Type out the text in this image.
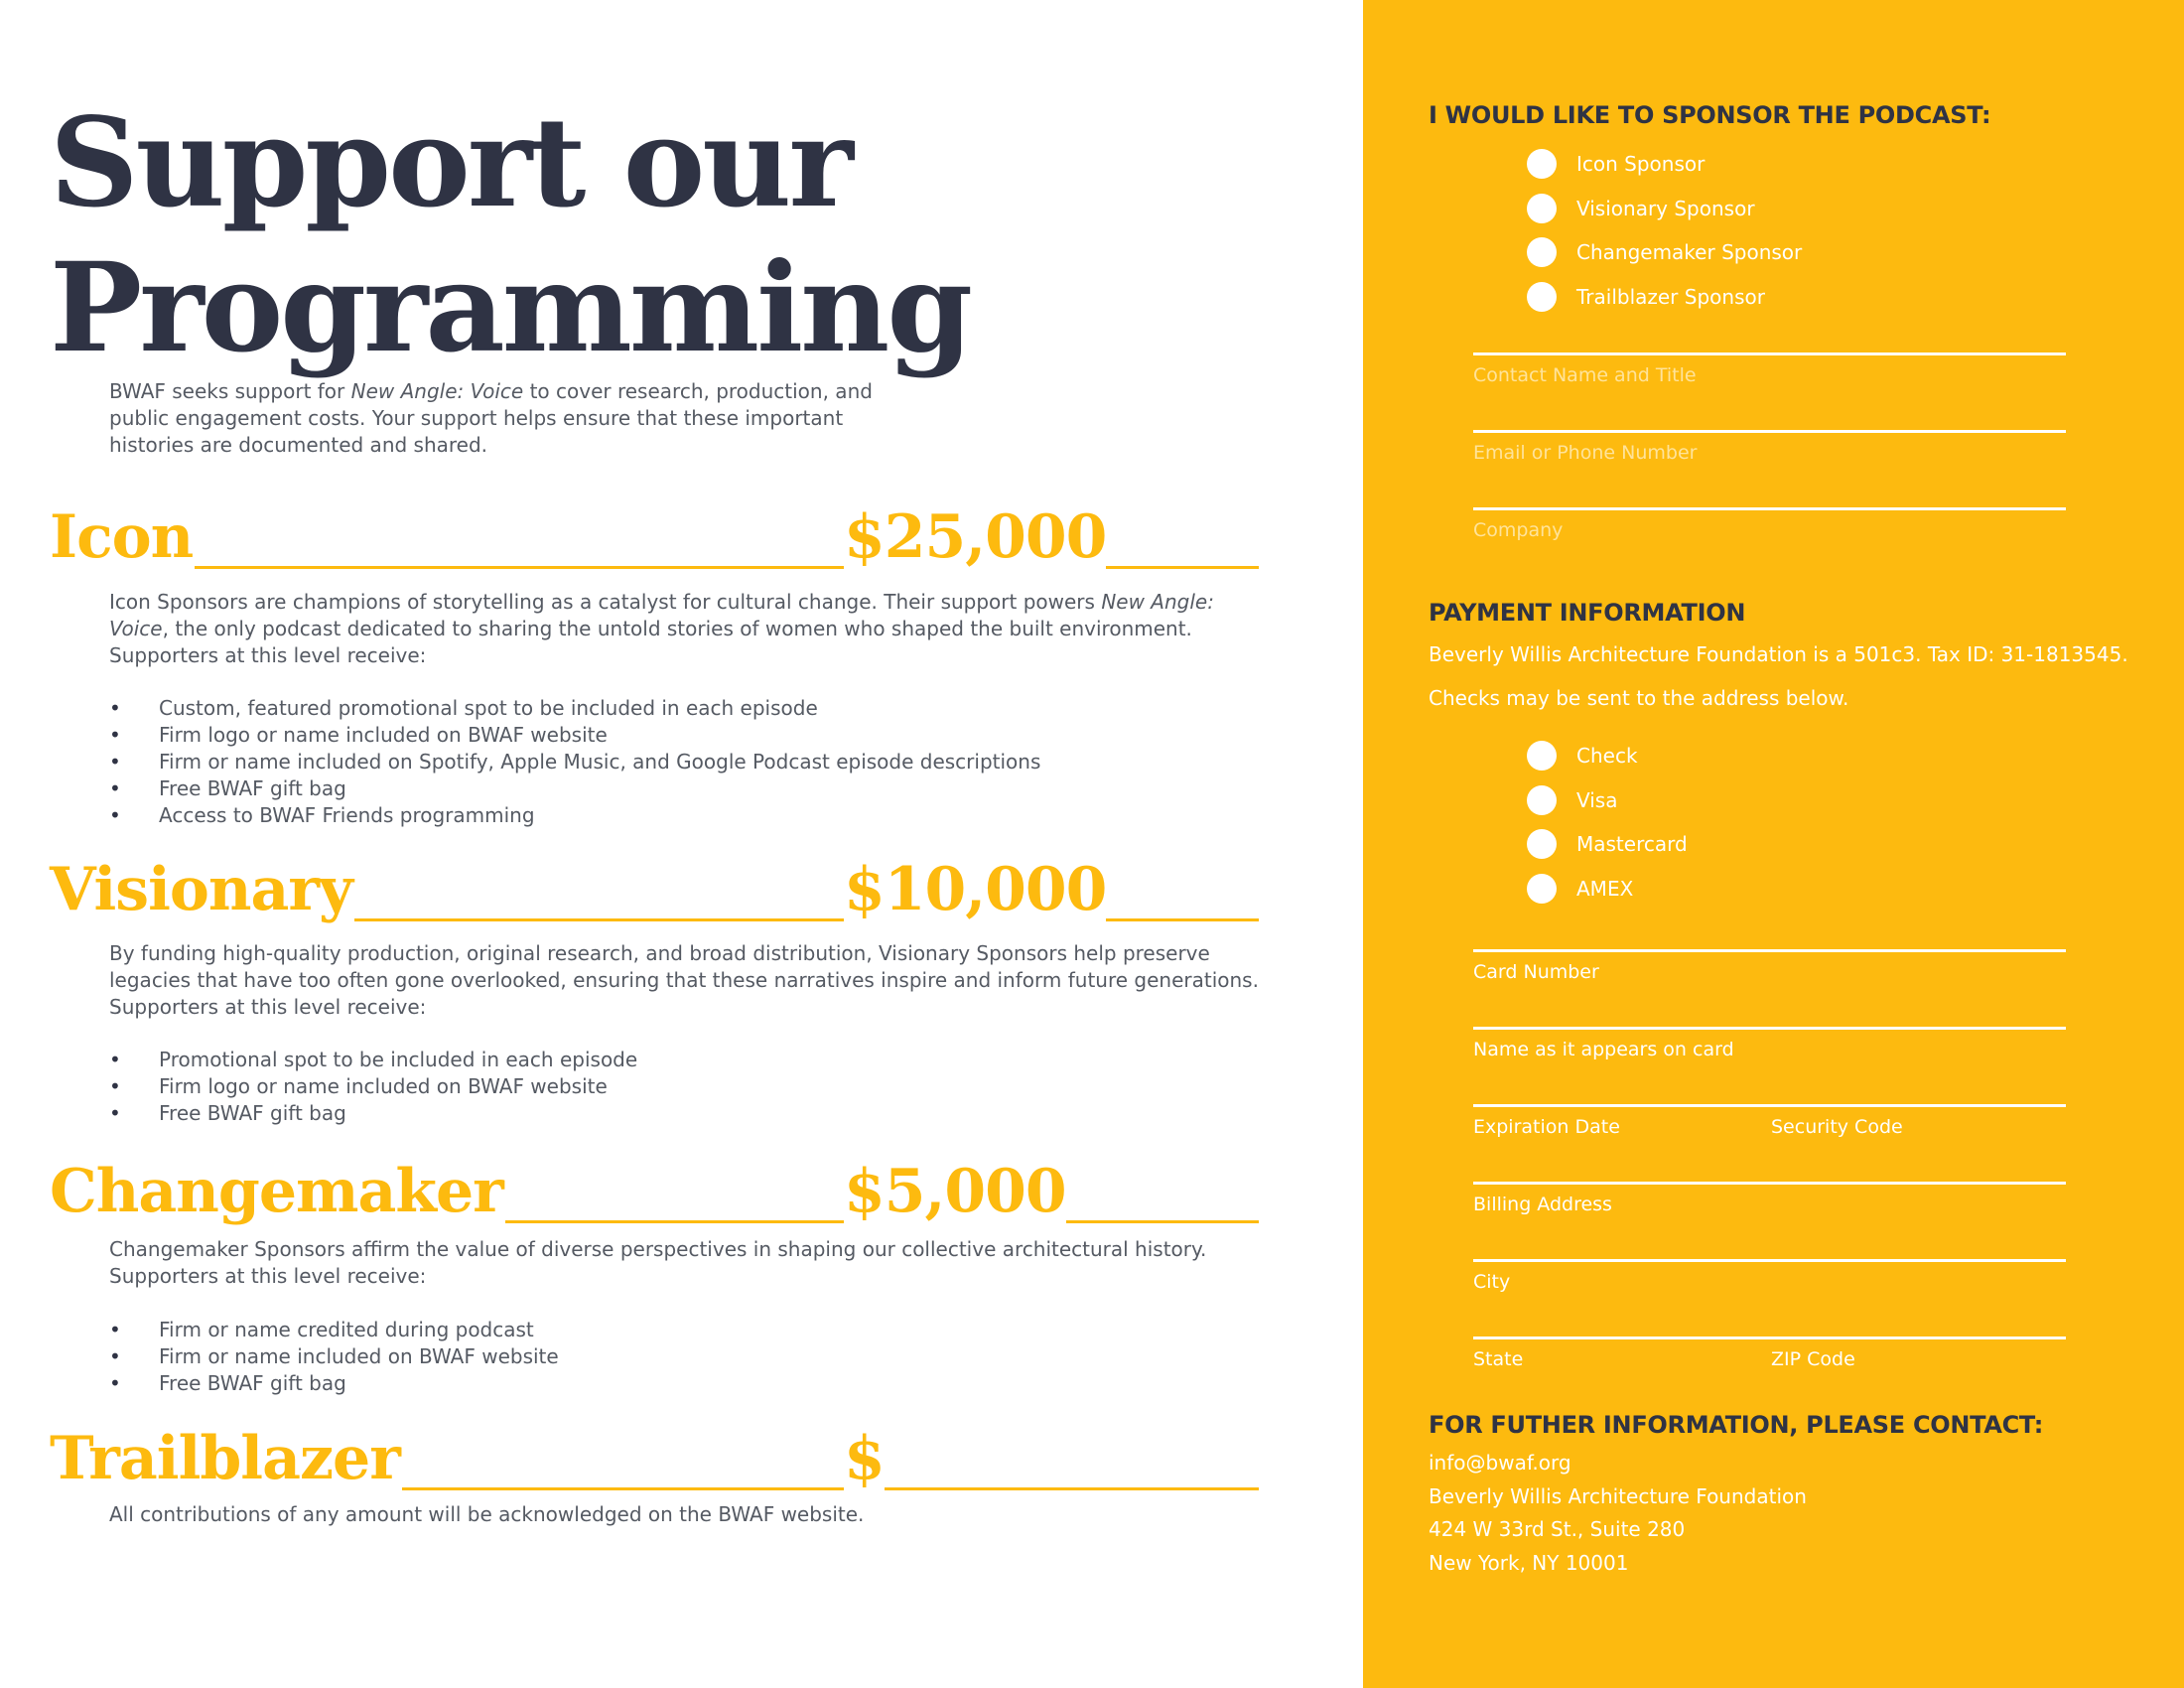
Support our
Programming

BWAF seeks support for New Angle: Voice to cover research, production, and public engagement costs. Your support helps ensure that these important histories are documented and shared.

Icon	$25,000

Icon Sponsors are champions of storytelling as a catalyst for cultural change. Their support powers New Angle: Voice, the only podcast dedicated to sharing the untold stories of women who shaped the built environment. Supporters at this level receive:

• Custom, featured promotional spot to be included in each episode
• Firm logo or name included on BWAF website
• Firm or name included on Spotify, Apple Music, and Google Podcast episode descriptions
• Free BWAF gift bag
• Access to BWAF Friends programming
Visionary	$10,000

By funding high-quality production, original research, and broad distribution, Visionary Sponsors help preserve legacies that have too often gone overlooked, ensuring that these narratives inspire and inform future generations. Supporters at this level receive:

• Promotional spot to be included in each episode
• Firm logo or name included on BWAF website
• Free BWAF gift bag
Changemaker	$5,000

Changemaker Sponsors affirm the value of diverse perspectives in shaping our collective architectural history. Supporters at this level receive:

• Firm or name credited during podcast
• Firm or name included on BWAF website
• Free BWAF gift bag
Trailblazer	$

All contributions of any amount will be acknowledged on the BWAF website.

I WOULD LIKE TO SPONSOR THE PODCAST:
Icon Sponsor
Visionary Sponsor
Changemaker Sponsor
Trailblazer Sponsor
Contact Name and Title
Email or Phone Number
Company
PAYMENT INFORMATION

Beverly Willis Architecture Foundation is a 501c3. Tax ID: 31-1813545.

Checks may be sent to the address below.

Check
Visa
Mastercard
AMEX
Card Number
Name as it appears on card
Expiration Date	Security Code
Billing Address
City
State	ZIP Code
FOR FUTHER INFORMATION, PLEASE CONTACT:
info@bwaf.org
Beverly Willis Architecture Foundation
424 W 33rd St., Suite 280
New York, NY 10001
